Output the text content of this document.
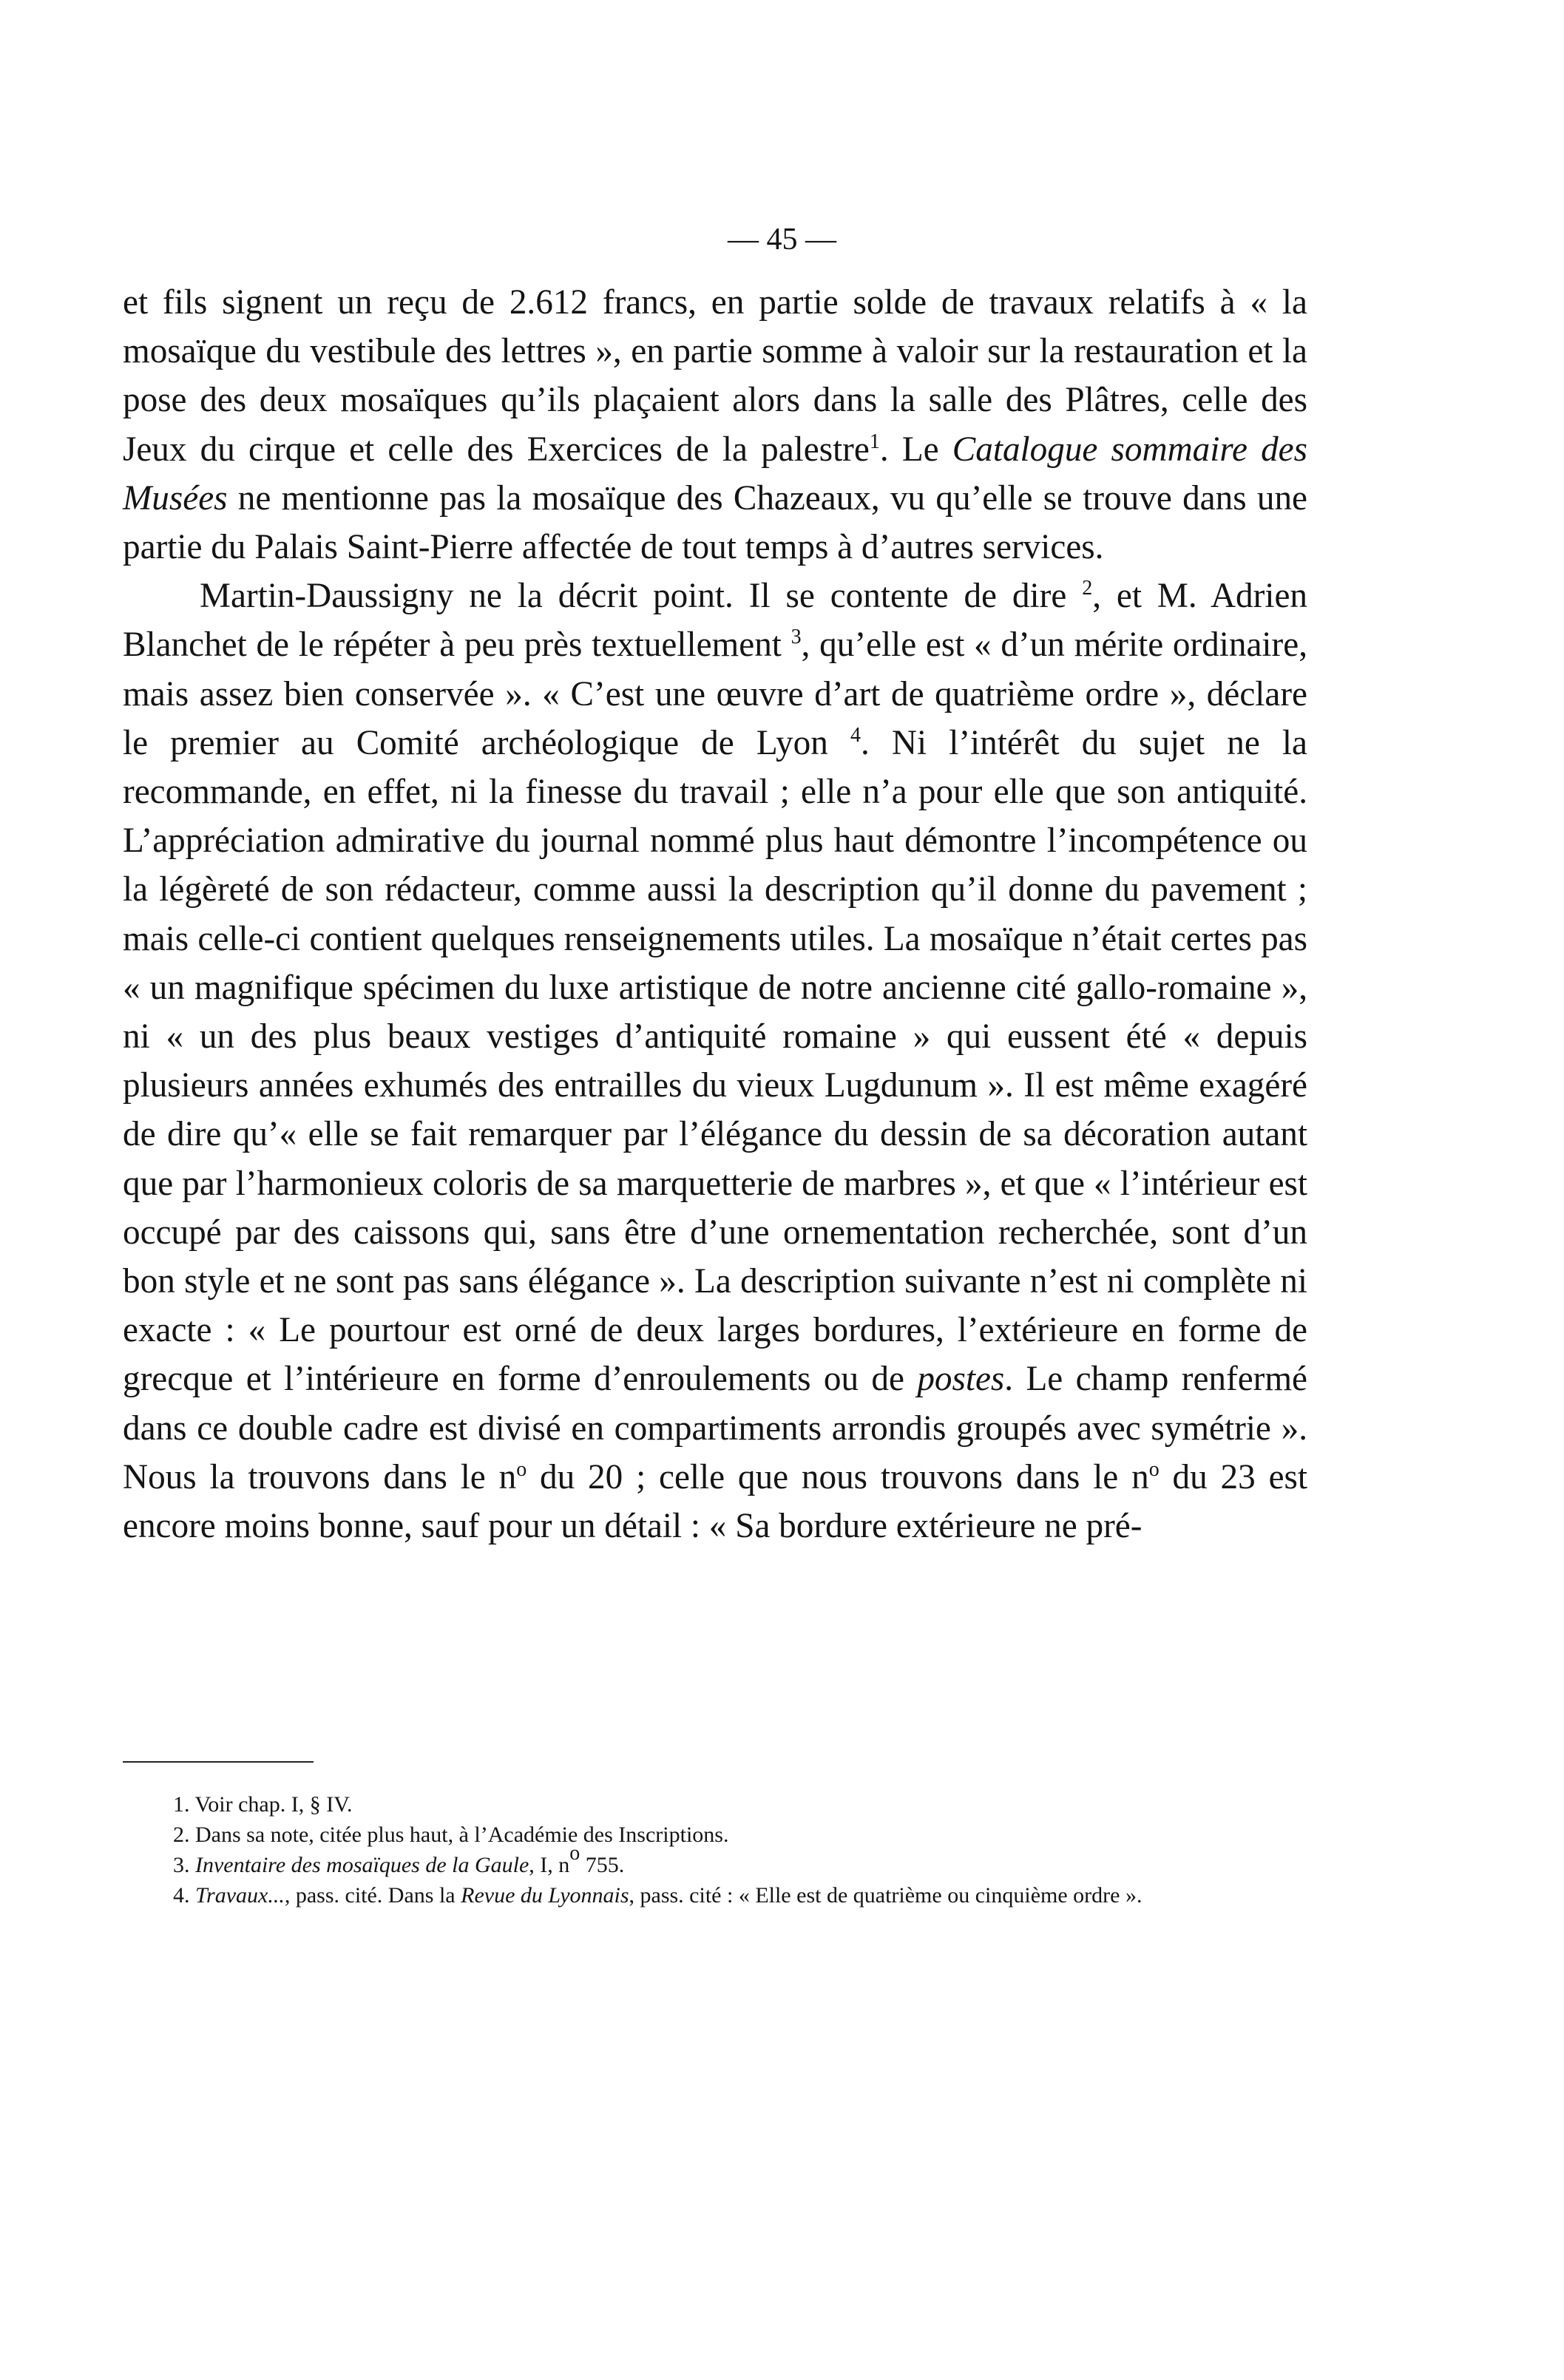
— 45 —

et fils signent un reçu de 2.612 francs, en partie solde de travaux relatifs à « la mosaïque du vestibule des lettres », en partie somme à valoir sur la restauration et la pose des deux mosaïques qu’ils plaçaient alors dans la salle des Plâtres, celle des Jeux du cirque et celle des Exercices de la palestre$^1$. Le Catalogue sommaire des Musées ne mentionne pas la mosaïque des Chazeaux, vu qu’elle se trouve dans une partie du Palais Saint-Pierre affectée de tout temps à d’autres services.

Martin-Daussigny ne la décrit point. Il se contente de dire $^2$, et M. Adrien Blanchet de le répéter à peu près textuellement $^3$, qu’elle est « d’un mérite ordinaire, mais assez bien conservée ». « C’est une œuvre d’art de quatrième ordre », déclare le premier au Comité archéologique de Lyon $^4$. Ni l’intérêt du sujet ne la recommande, en effet, ni la finesse du travail ; elle n’a pour elle que son antiquité. L’appréciation admirative du journal nommé plus haut démontre l’incompétence ou la légèreté de son rédacteur, comme aussi la description qu’il donne du pavement ; mais celle-ci contient quelques renseignements utiles. La mosaïque n’était certes pas « un magnifique spécimen du luxe artistique de notre ancienne cité gallo-romaine », ni « un des plus beaux vestiges d’antiquité romaine » qui eussent été « depuis plusieurs années exhumés des entrailles du vieux Lugdunum ». Il est même exagéré de dire qu’« elle se fait remarquer par l’élégance du dessin de sa décoration autant que par l’harmonieux coloris de sa marquetterie de marbres », et que « l’intérieur est occupé par des caissons qui, sans être d’une ornementation recherchée, sont d’un bon style et ne sont pas sans élégance ». La description suivante n’est ni complète ni exacte : « Le pourtour est orné de deux larges bordures, l’extérieure en forme de grecque et l’intérieure en forme d’enroulements ou de postes. Le champ renfermé dans ce double cadre est divisé en compartiments arrondis groupés avec symétrie ». Nous la trouvons dans le $n^o$ du 20 ; celle que nous trouvons dans le $n^o$ du 23 est encore moins bonne, sauf pour un détail : « Sa bordure extérieure ne pré-

1. Voir chap. I, § IV.

2. Dans sa note, citée plus haut, à l’Académie des Inscriptions.

3. Inventaire des mosaïques de la Gaule, I, $n^o$ 755.

4. Travaux..., pass. cité. Dans la Revue du Lyonnais, pass. cité : « Elle est de quatrième ou cinquième ordre ».
